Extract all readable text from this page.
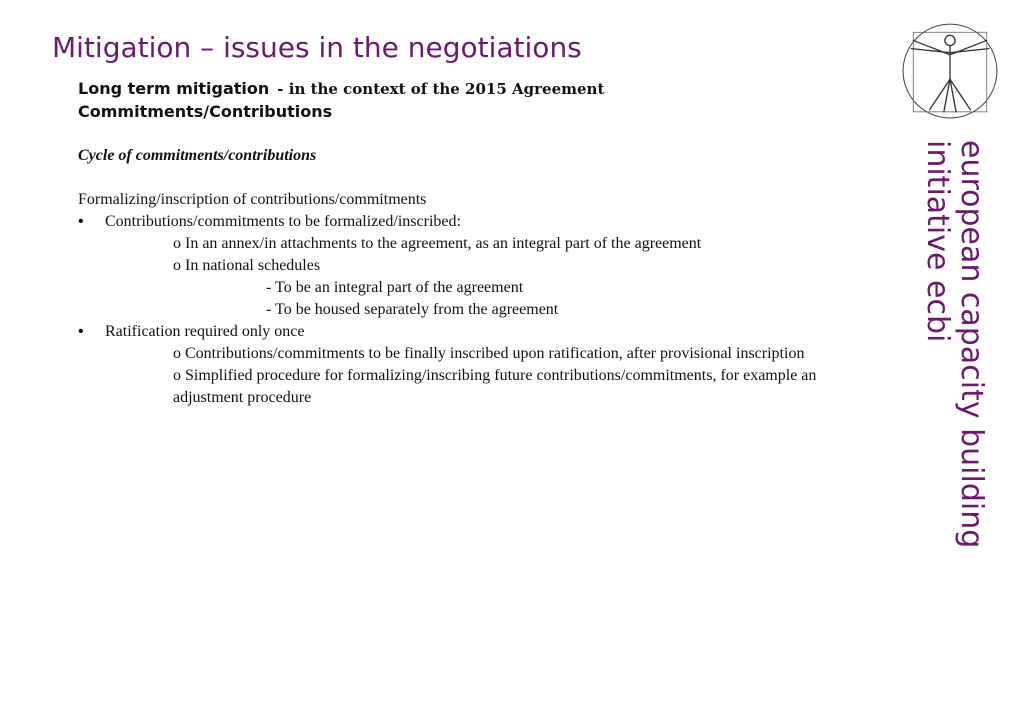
Mitigation – issues in the negotiations
Long term mitigation - in the context of the 2015 Agreement
Commitments/Contributions
Cycle of commitments/contributions
Formalizing/inscription of contributions/commitments
• Contributions/commitments to be formalized/inscribed:
o In an annex/in attachments to the agreement, as an integral part of the agreement
o In national schedules
- To be an integral part of the agreement
- To be housed separately from the agreement
• Ratification required only once
o Contributions/commitments to be finally inscribed upon ratification, after provisional inscription
o Simplified procedure for formalizing/inscribing future contributions/commitments, for example an
adjustment procedure	european capacity building
initiative ecbi
